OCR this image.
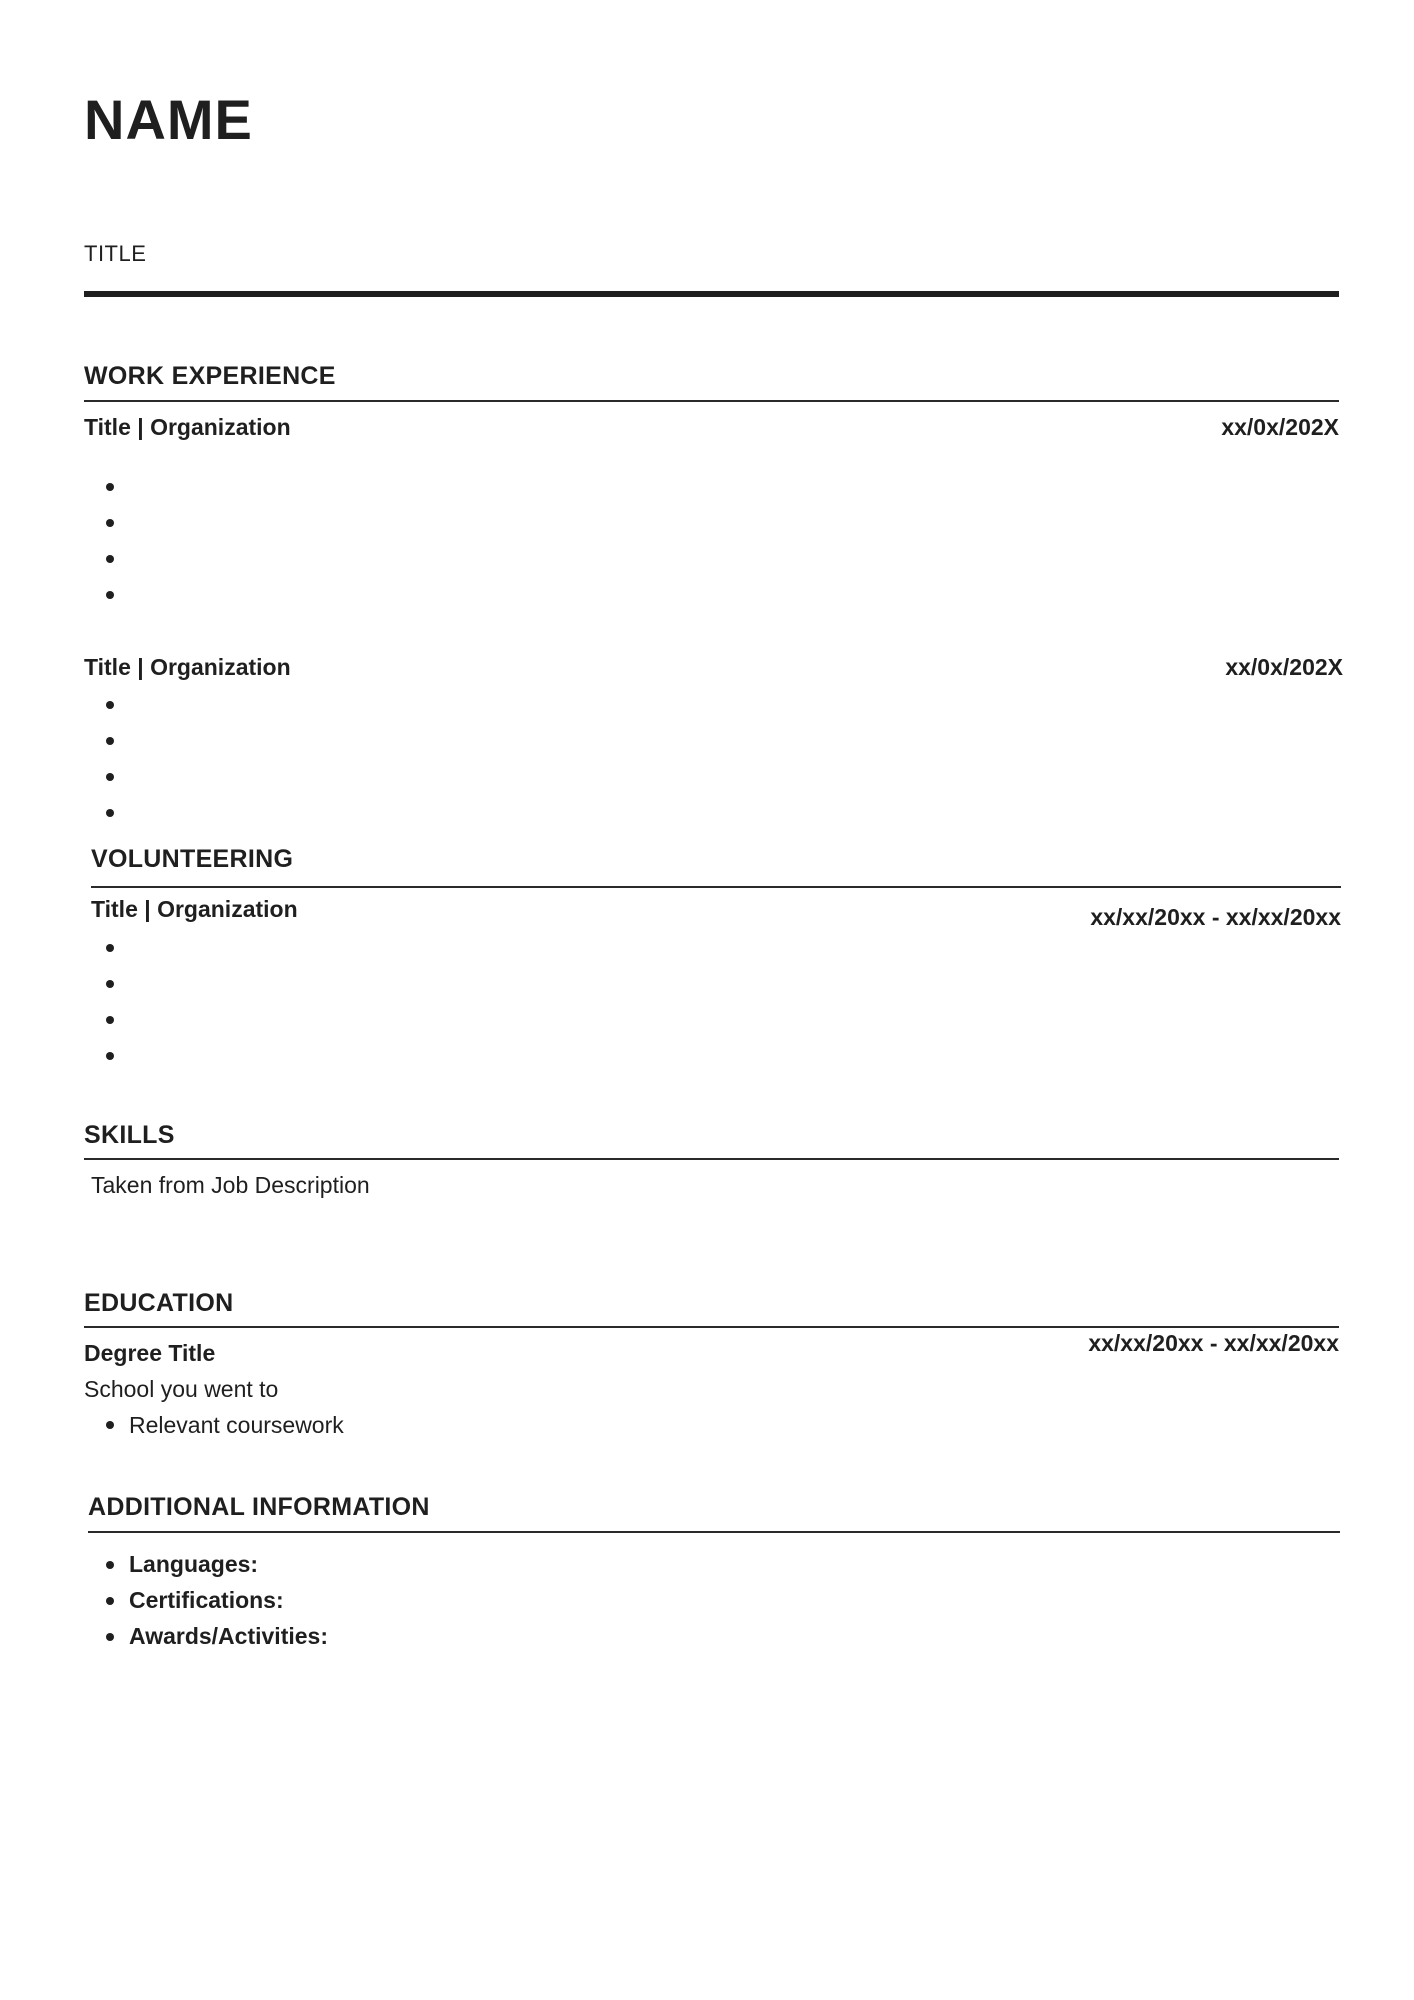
NAME
TITLE
WORK EXPERIENCE
Title | Organization	xx/0x/202X
Title | Organization	xx/0x/202X
VOLUNTEERING
Title | Organization	xx/xx/20xx - xx/xx/20xx
SKILLS
Taken from Job Description
EDUCATION
Degree Title	xx/xx/20xx - xx/xx/20xx
School you went to
Relevant coursework
ADDITIONAL INFORMATION
Languages:
Certifications:
Awards/Activities:
